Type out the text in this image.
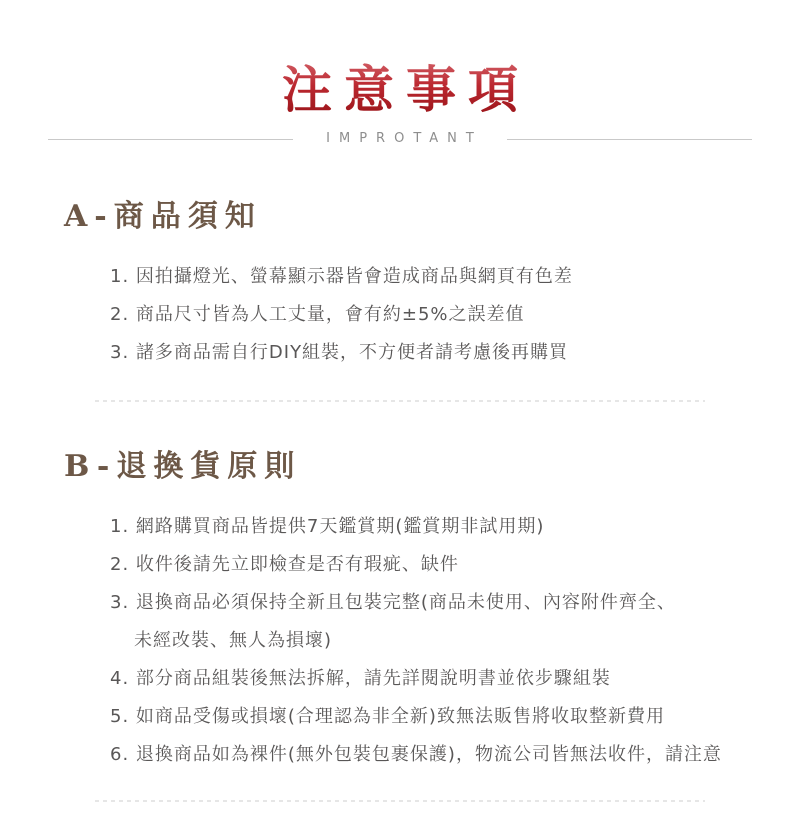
注意事項
IMPROTANT
A-商品須知
1. 因拍攝燈光、螢幕顯示器皆會造成商品與網頁有色差
2. 商品尺寸皆為人工丈量，會有約±5%之誤差值
3. 諸多商品需自行DIY組裝，不方便者請考慮後再購買
B-退換貨原則
1. 網路購買商品皆提供7天鑑賞期(鑑賞期非試用期)
2. 收件後請先立即檢查是否有瑕疵、缺件
3. 退換商品必須保持全新且包裝完整(商品未使用、內容附件齊全、
未經改裝、無人為損壞)
4. 部分商品組裝後無法拆解，請先詳閱說明書並依步驟組裝
5. 如商品受傷或損壞(合理認為非全新)致無法販售將收取整新費用
6. 退換商品如為裸件(無外包裝包裹保護)，物流公司皆無法收件，請注意
